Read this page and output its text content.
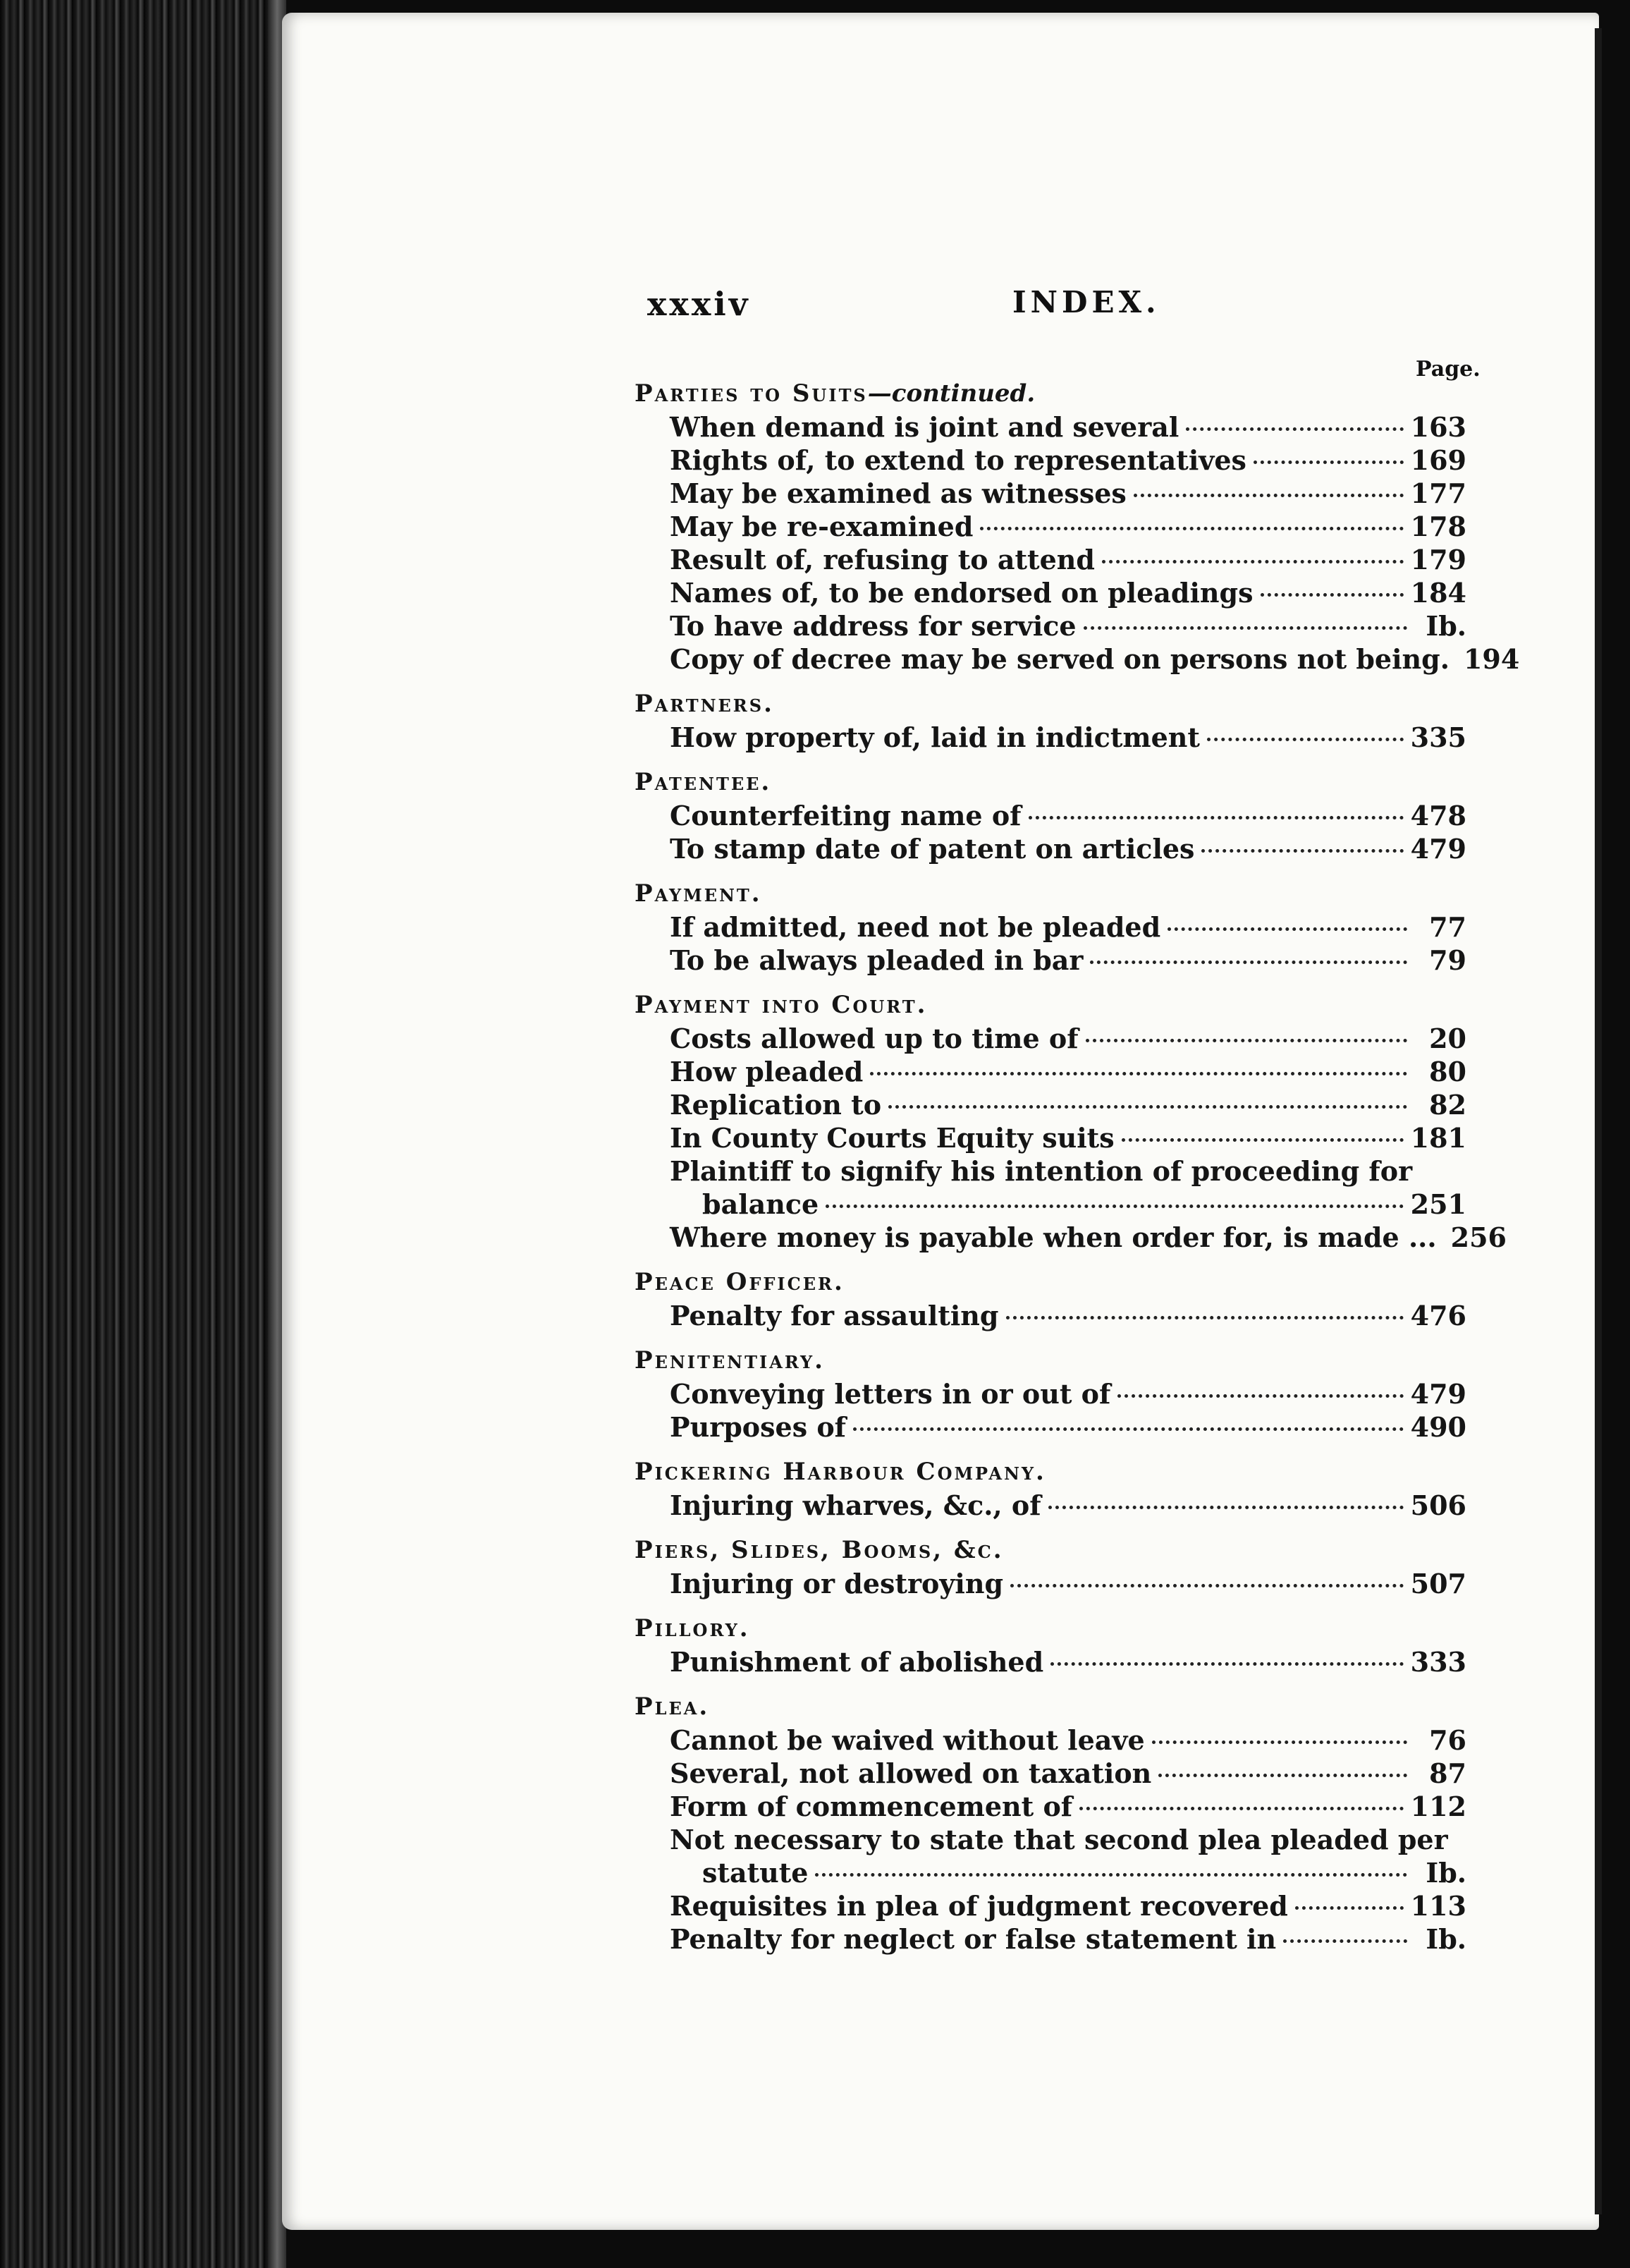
xxxiv	INDEX.
Page.
Parties to Suits—continued.
When demand is joint and several	163
Rights of, to extend to representatives	169
May be examined as witnesses	177
May be re-examined	178
Result of, refusing to attend	179
Names of, to be endorsed on pleadings	184
To have address for service	Ib.
Copy of decree may be served on persons not being. 194
Partners.
How property of, laid in indictment	335
Patentee.
Counterfeiting name of	478
To stamp date of patent on articles	479
Payment.
If admitted, need not be pleaded	77
To be always pleaded in bar	79
Payment into Court.
Costs allowed up to time of	20
How pleaded	80
Replication to	82
In County Courts Equity suits	181
Plaintiff to signify his intention of proceeding for
balance	251
Where money is payable when order for, is made ... 256
Peace Officer.
Penalty for assaulting	476
Penitentiary.
Conveying letters in or out of	479
Purposes of	490
Pickering Harbour Company.
Injuring wharves, &c., of	506
Piers, Slides, Booms, &c.
Injuring or destroying	507
Pillory.
Punishment of abolished	333
Plea.
Cannot be waived without leave	76
Several, not allowed on taxation	87
Form of commencement of	112
Not necessary to state that second plea pleaded per
statute	Ib.
Requisites in plea of judgment recovered	113
Penalty for neglect or false statement in	Ib.
